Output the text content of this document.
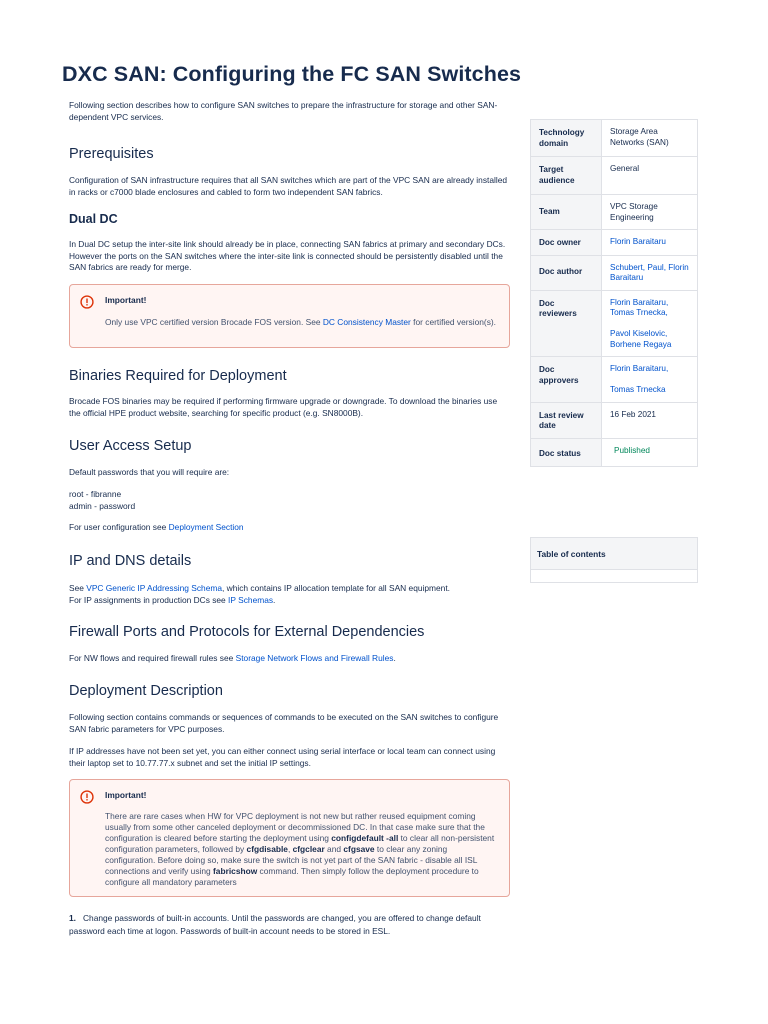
DXC SAN: Configuring the FC SAN Switches

Following section describes how to configure SAN switches to prepare the infrastructure for storage and other SAN-dependent VPC services.

Prerequisites

Configuration of SAN infrastructure requires that all SAN switches which are part of the VPC SAN are already installed in racks or c7000 blade enclosures and cabled to form two independent SAN fabrics.

Dual DC

In Dual DC setup the inter-site link should already be in place, connecting SAN fabrics at primary and secondary DCs. However the ports on the SAN switches where the inter-site link is connected should be persistently disabled until the SAN fabrics are ready for merge.

Important!
Only use VPC certified version Brocade FOS version. See DC Consistency Master for certified version(s).
Binaries Required for Deployment

Brocade FOS binaries may be required if performing firmware upgrade or downgrade. To download the binaries use the official HPE product website, searching for specific product (e.g. SN8000B).

User Access Setup

Default passwords that you will require are:

root - fibranne

admin - password

For user configuration see Deployment Section

IP and DNS details

See VPC Generic IP Addressing Schema, which contains IP allocation template for all SAN equipment.
For IP assignments in production DCs see IP Schemas.

Firewall Ports and Protocols for External Dependencies

For NW flows and required firewall rules see Storage Network Flows and Firewall Rules.

Deployment Description

Following section contains commands or sequences of commands to be executed on the SAN switches to configure SAN fabric parameters for VPC purposes.

If IP addresses have not been set yet, you can either connect using serial interface or local team can connect using their laptop set to 10.77.77.x subnet and set the initial IP settings.

Important!
There are rare cases when HW for VPC deployment is not new but rather reused equipment coming usually from some other canceled deployment or decommissioned DC. In that case make sure that the configuration is cleared before starting the deployment using configdefault -all to clear all non-persistent configuration parameters, followed by cfgdisable, cfgclear and cfgsave to clear any zoning configuration. Before doing so, make sure the switch is not yet part of the SAN fabric - disable all ISL connections and verify using fabricshow command. Then simply follow the deployment procedure to configure all mandatory parameters

1. Change passwords of built-in accounts. Until the passwords are changed, you are offered to change default password each time at logon. Passwords of built-in account needs to be stored in ESL.

Technology domain	Storage Area Networks (SAN)

Target audience	General

Team	VPC Storage Engineering

Doc owner	Florin Baraitaru

Doc author	Schubert, Paul, Florin Baraitaru

Doc reviewers	Florin Baraitaru, Tomas Trnecka,

Pavol Kiselovic, Borhene Regaya

Doc approvers	Florin Baraitaru,

Tomas Trnecka

Last review date	16 Feb 2021

Doc status	Published
Table of contents
